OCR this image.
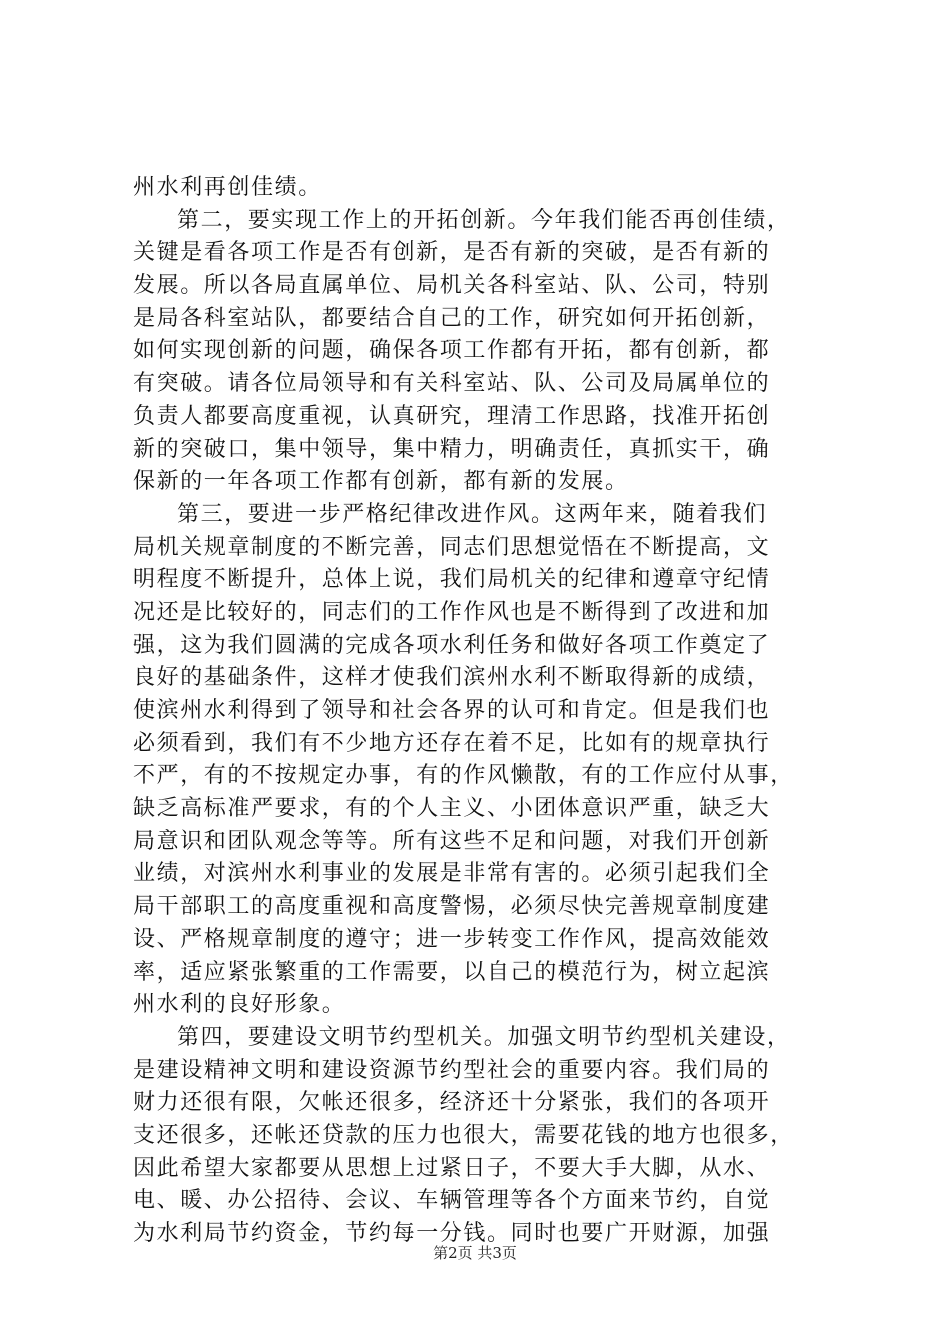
州水利再创佳绩。
第二，要实现工作上的开拓创新。今年我们能否再创佳绩，
关键是看各项工作是否有创新，是否有新的突破，是否有新的
发展。所以各局直属单位、局机关各科室站、队、公司，特别
是局各科室站队，都要结合自己的工作，研究如何开拓创新，
如何实现创新的问题，确保各项工作都有开拓，都有创新，都
有突破。请各位局领导和有关科室站、队、公司及局属单位的
负责人都要高度重视，认真研究，理清工作思路，找准开拓创
新的突破口，集中领导，集中精力，明确责任，真抓实干，确
保新的一年各项工作都有创新，都有新的发展。
第三，要进一步严格纪律改进作风。这两年来，随着我们
局机关规章制度的不断完善，同志们思想觉悟在不断提高，文
明程度不断提升，总体上说，我们局机关的纪律和遵章守纪情
况还是比较好的，同志们的工作作风也是不断得到了改进和加
强，这为我们圆满的完成各项水利任务和做好各项工作奠定了
良好的基础条件，这样才使我们滨州水利不断取得新的成绩，
使滨州水利得到了领导和社会各界的认可和肯定。但是我们也
必须看到，我们有不少地方还存在着不足，比如有的规章执行
不严，有的不按规定办事，有的作风懒散，有的工作应付从事，
缺乏高标准严要求，有的个人主义、小团体意识严重，缺乏大
局意识和团队观念等等。所有这些不足和问题，对我们开创新
业绩，对滨州水利事业的发展是非常有害的。必须引起我们全
局干部职工的高度重视和高度警惕，必须尽快完善规章制度建
设、严格规章制度的遵守；进一步转变工作作风，提高效能效
率，适应紧张繁重的工作需要，以自己的模范行为，树立起滨
州水利的良好形象。
第四，要建设文明节约型机关。加强文明节约型机关建设，
是建设精神文明和建设资源节约型社会的重要内容。我们局的
财力还很有限，欠帐还很多，经济还十分紧张，我们的各项开
支还很多，还帐还贷款的压力也很大，需要花钱的地方也很多，
因此希望大家都要从思想上过紧日子，不要大手大脚，从水、
电、暖、办公招待、会议、车辆管理等各个方面来节约，自觉
为水利局节约资金，节约每一分钱。同时也要广开财源，加强
第2页 共3页
